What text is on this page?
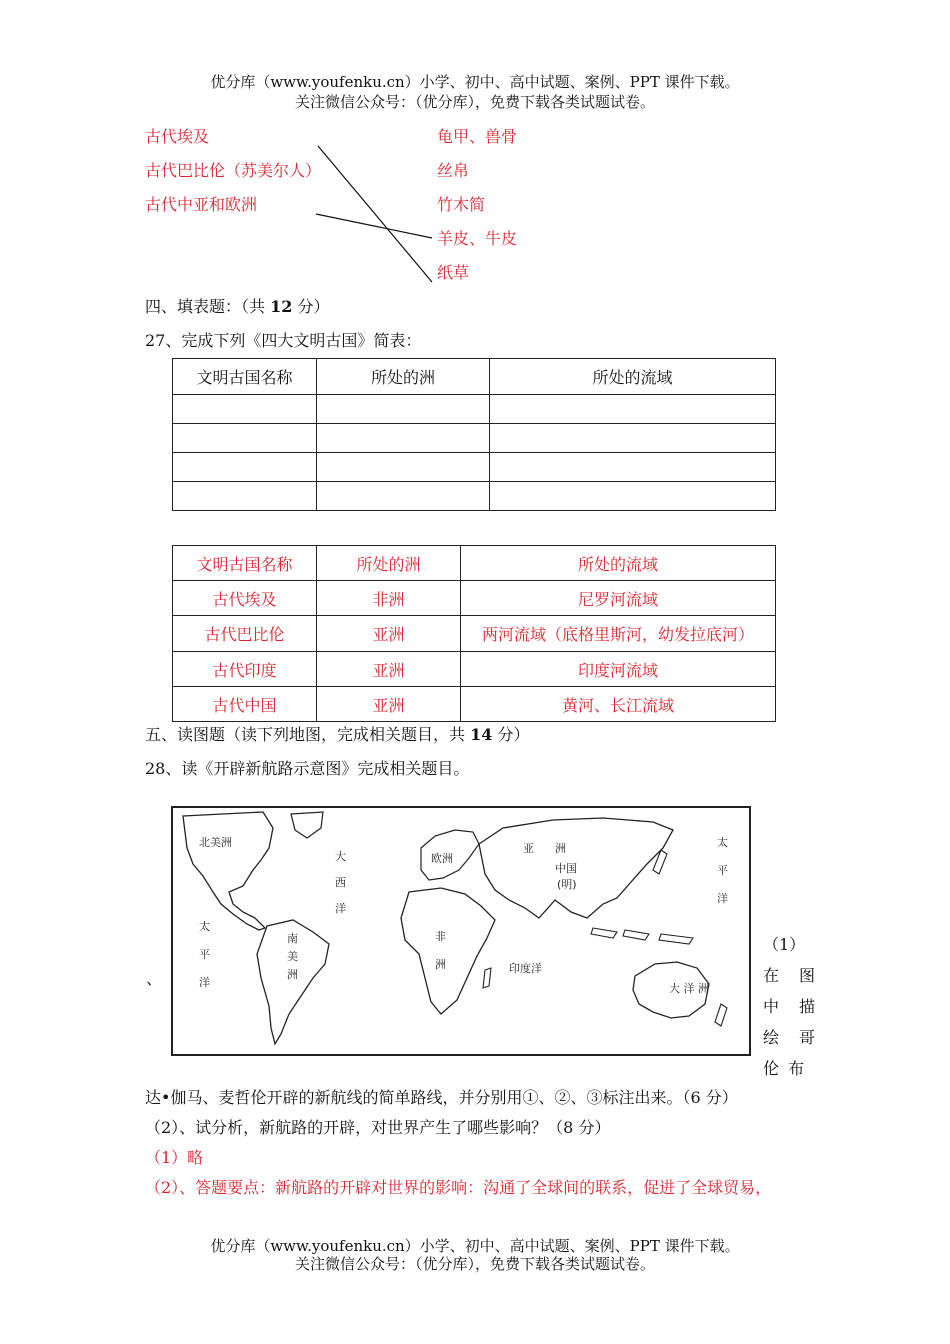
优分库（www.youfenku.cn）小学、初中、高中试题、案例、PPT 课件下载。
关注微信公众号：（优分库），免费下载各类试题试卷。
古代埃及
古代巴比伦（苏美尔人）
古代中亚和欧洲
龟甲、兽骨
丝帛
竹木简
羊皮、牛皮
纸草
四、填表题：（共 12 分）
27、完成下列《四大文明古国》简表：
文明古国名称	所处的洲	所处的流域

文明古国名称	所处的洲	所处的流域
古代埃及	非洲	尼罗河流域
古代巴比伦	亚洲	两河流域（底格里斯河，幼发拉底河）
古代印度	亚洲	印度河流域
古代中国	亚洲	黄河、长江流域
五、读图题（读下列地图，完成相关题目，共 14 分）
28、读《开辟新航路示意图》完成相关题目。
北美洲
大
西
洋
欧洲
亚 洲
中国
(明)
太
平
洋
太
平
洋
南
美
洲
非
洲	印度洋
大 洋 洲
、
（1）
在　图
中　描
绘　哥
伦 布
达•伽马、麦哲伦开辟的新航线的简单路线，并分别用①、②、③标注出来。（6 分）
（2）、试分析，新航路的开辟，对世界产生了哪些影响？（8 分）
（1）略
（2）、答题要点：新航路的开辟对世界的影响：沟通了全球间的联系，促进了全球贸易，
优分库（www.youfenku.cn）小学、初中、高中试题、案例、PPT 课件下载。
关注微信公众号：（优分库），免费下载各类试题试卷。
